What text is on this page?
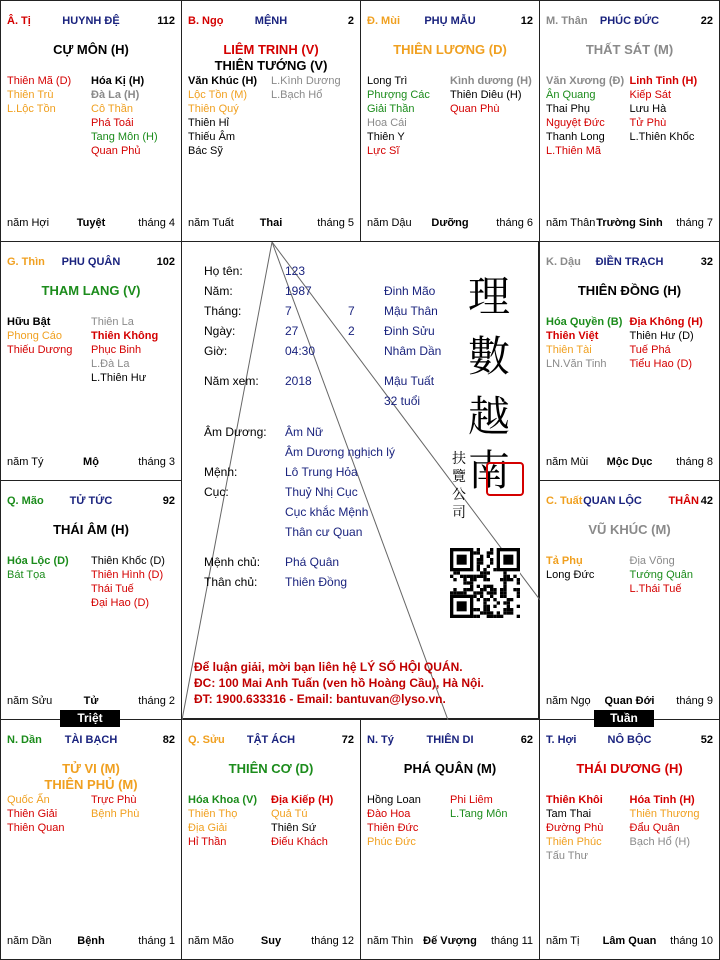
Â. Tị	HUYNH ĐỆ	112
CỰ MÔN (H)
Thiên Mã (D)
Thiên Trù
L.Lộc Tồn
Hóa Kị (H)
Đà La (H)
Cô Thần
Phá Toái
Tang Môn (H)
Quan Phủ
năm Hợi	Tuyệt	tháng 4
B. Ngọ	MỆNH	2
LIÊM TRINH (V)
THIÊN TƯỚNG (V)
Văn Khúc (H)
Lộc Tồn (M)
Thiên Quý
Thiên Hỉ
Thiếu Âm
Bác Sỹ
L.Kình Dương
L.Bạch Hổ
năm Tuất	Thai	tháng 5
Đ. Mùi	PHỤ MẪU	12
THIÊN LƯƠNG (D)
Long Trì
Phượng Các
Giải Thần
Hoa Cái
Thiên Y
Lực Sĩ
Kình dương (H)
Thiên Diêu (H)
Quan Phù
năm Dậu	Dưỡng	tháng 6
M. Thân	PHÚC ĐỨC	22
THẤT SÁT (M)
Văn Xương (Đ)
Ân Quang
Thai Phụ
Nguyệt Đức
Thanh Long
L.Thiên Mã
Linh Tinh (H)
Kiếp Sát
Lưu Hà
Tử Phù
L.Thiên Khốc
năm Thân Trường Sinh	tháng 7
G. Thìn	PHU QUÂN	102
THAM LANG (V)
Hữu Bật
Phong Cáo
Thiếu Dương
Thiên La
Thiên Không
Phục Binh
L.Đà La
L.Thiên Hư
năm Tý	Mộ	tháng 3
K. Dậu	ĐIỀN TRẠCH	32
THIÊN ĐỒNG (H)
Hóa Quyền (B)
Thiên Việt
Thiên Tài
LN.Văn Tinh
Địa Không (H)
Thiên Hư (D)
Tuế Phá
Tiểu Hao (D)
năm Mùi	Mộc Dục	tháng 8
Q. Mão	TỬ TỨC	92
THÁI ÂM (H)
Hóa Lộc (D)
Bát Tọa
Thiên Khốc (D)
Thiên Hình (D)
Thái Tuế
Đại Hao (D)
năm Sửu	Tử	tháng 2
C. Tuất QUAN LỘC	THÂN 42
VŨ KHÚC (M)
Tả Phụ
Long Đức
Địa Võng
Tướng Quân
L.Thái Tuế
năm Ngọ	Quan Đới	tháng 9
N. Dần	TÀI BẠCH	82
TỬ VI (M)
THIÊN PHỦ (M)
Quốc Ấn
Thiên Giải
Thiên Quan
Trực Phù
Bệnh Phù
năm Dần	Bệnh	tháng 1
Q. Sửu	TẬT ÁCH	72
THIÊN CƠ (D)
Hóa Khoa (V)
Thiên Thọ
Địa Giải
Hỉ Thần
Địa Kiếp (H)
Quả Tú
Thiên Sứ
Điếu Khách
năm Mão	Suy	tháng 12
N. Tý	THIÊN DI	62
PHÁ QUÂN (M)
Hồng Loan
Đào Hoa
Thiên Đức
Phúc Đức
Phi Liêm
L.Tang Môn
năm Thìn Đế Vượng	tháng 11
T. Hợi	NÔ BỘC	52
THÁI DƯƠNG (H)
Thiên Khôi
Tam Thai
Đường Phù
Thiên Phúc
Tấu Thư
Hóa Tinh (H)
Thiên Thương
Đẩu Quân
Bạch Hổ (H)
năm Tị	Lâm Quan	tháng 10
Họ tên:	123
Năm:	1987	Đinh Mão
Tháng:	7	7 Mậu Thân
Ngày:	27	2 Đinh Sửu
Giờ:	04:30	Nhâm Dần
Năm xem: 2018	Mậu Tuất
32 tuổi
Âm Dương: Âm Nữ
Âm Dương nghịch lý
Mệnh:	Lô Trung Hỏa
Cục:	Thuỷ Nhị Cục
Cục khắc Mệnh
Thân cư Quan
Mệnh chủ: Phá Quân
Thân chủ: Thiên Đồng
理
數
越
南
扶
覽
公
司
Để luận giải, mời bạn liên hệ LÝ SỐ HỘI QUÁN.
ĐC: 100 Mai Anh Tuấn (ven hồ Hoàng Cầu), Hà Nội.
ĐT: 1900.633316 - Email: bantuvan@lyso.vn.
Triệt	Tuần
